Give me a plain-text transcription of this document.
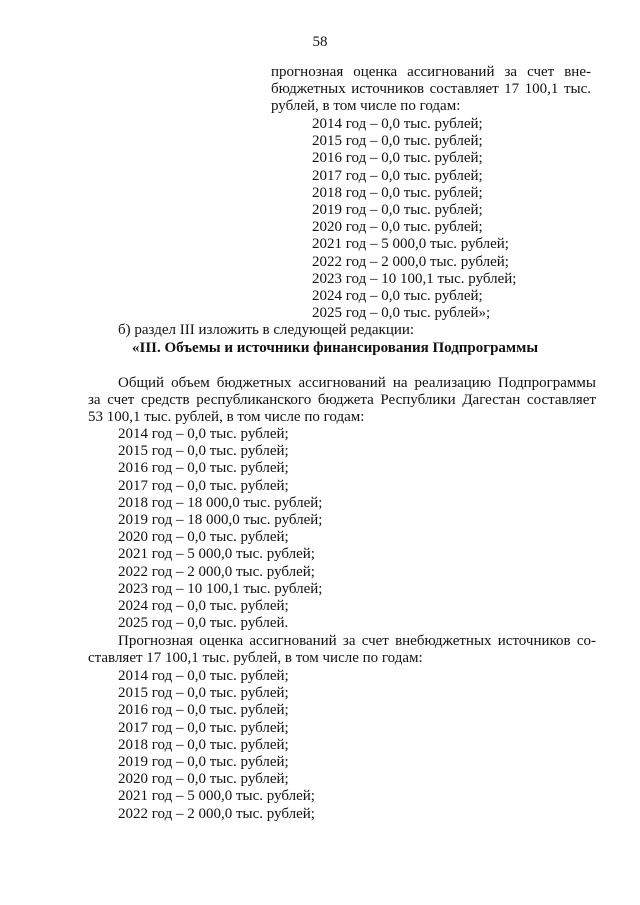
58
прогнозная оценка ассигнований за счет вне-
бюджетных источников составляет 17 100,1 тыс.
рублей, в том числе по годам:
2014 год – 0,0 тыс. рублей;
2015 год – 0,0 тыс. рублей;
2016 год – 0,0 тыс. рублей;
2017 год – 0,0 тыс. рублей;
2018 год – 0,0 тыс. рублей;
2019 год – 0,0 тыс. рублей;
2020 год – 0,0 тыс. рублей;
2021 год – 5 000,0 тыс. рублей;
2022 год – 2 000,0 тыс. рублей;
2023 год – 10 100,1 тыс. рублей;
2024 год – 0,0 тыс. рублей;
2025 год – 0,0 тыс. рублей»;
б) раздел III изложить в следующей редакции:
«III. Объемы и источники финансирования Подпрограммы
Общий объем бюджетных ассигнований на реализацию Подпрограммы
за счет средств республиканского бюджета Республики Дагестан составляет
53 100,1 тыс. рублей, в том числе по годам:
2014 год – 0,0 тыс. рублей;
2015 год – 0,0 тыс. рублей;
2016 год – 0,0 тыс. рублей;
2017 год – 0,0 тыс. рублей;
2018 год – 18 000,0 тыс. рублей;
2019 год – 18 000,0 тыс. рублей;
2020 год – 0,0 тыс. рублей;
2021 год – 5 000,0 тыс. рублей;
2022 год – 2 000,0 тыс. рублей;
2023 год – 10 100,1 тыс. рублей;
2024 год – 0,0 тыс. рублей;
2025 год – 0,0 тыс. рублей.
Прогнозная оценка ассигнований за счет внебюджетных источников со-
ставляет 17 100,1 тыс. рублей, в том числе по годам:
2014 год – 0,0 тыс. рублей;
2015 год – 0,0 тыс. рублей;
2016 год – 0,0 тыс. рублей;
2017 год – 0,0 тыс. рублей;
2018 год – 0,0 тыс. рублей;
2019 год – 0,0 тыс. рублей;
2020 год – 0,0 тыс. рублей;
2021 год – 5 000,0 тыс. рублей;
2022 год – 2 000,0 тыс. рублей;
